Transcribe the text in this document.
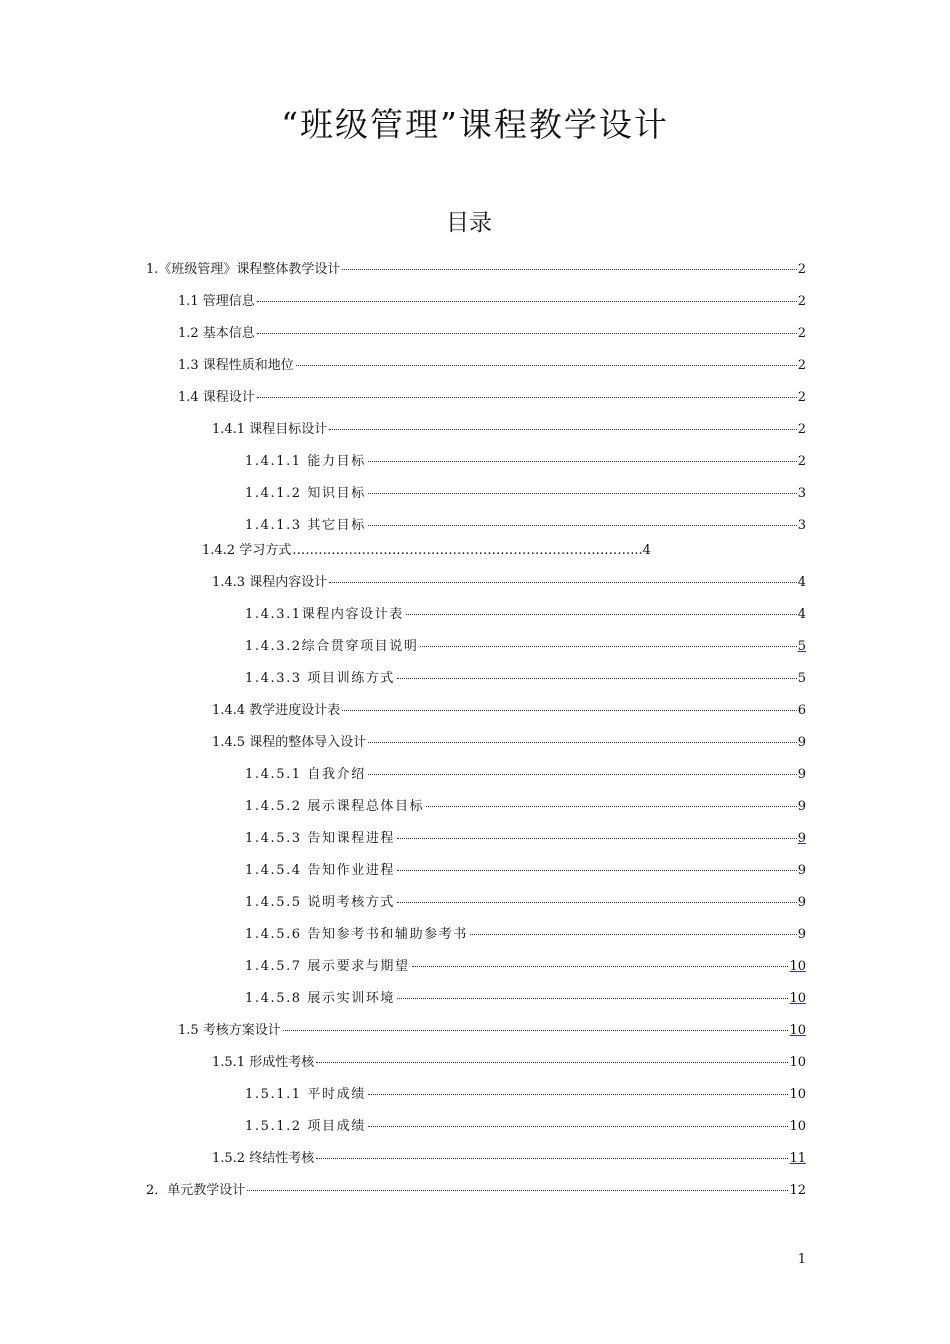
“班级管理”课程教学设计
目录
1.《班级管理》课程整体教学设计	2
1.1 管理信息	2
1.2 基本信息	2
1.3 课程性质和地位	2
1.4 课程设计	2
1.4.1 课程目标设计	2
1.4.1.1 能力目标	2
1.4.1.2 知识目标	3
1.4.1.3 其它目标	3
1.4.2 学习方式 ……………………………………………………………………... 4
1.4.3 课程内容设计	4
1.4.3.1课程内容设计表	4
1.4.3.2综合贯穿项目说明	5
1.4.3.3 项目训练方式	5
1.4.4 教学进度设计表	6
1.4.5 课程的整体导入设计	9
1.4.5.1 自我介绍	9
1.4.5.2 展示课程总体目标	9
1.4.5.3 告知课程进程	9
1.4.5.4 告知作业进程	9
1.4.5.5 说明考核方式	9
1.4.5.6 告知参考书和辅助参考书	9
1.4.5.7 展示要求与期望	10
1.4.5.8 展示实训环境	10
1.5 考核方案设计	10
1.5.1 形成性考核	10
1.5.1.1 平时成绩	10
1.5.1.2 项目成绩	10
1.5.2 终结性考核	11
2．单元教学设计	12
1
